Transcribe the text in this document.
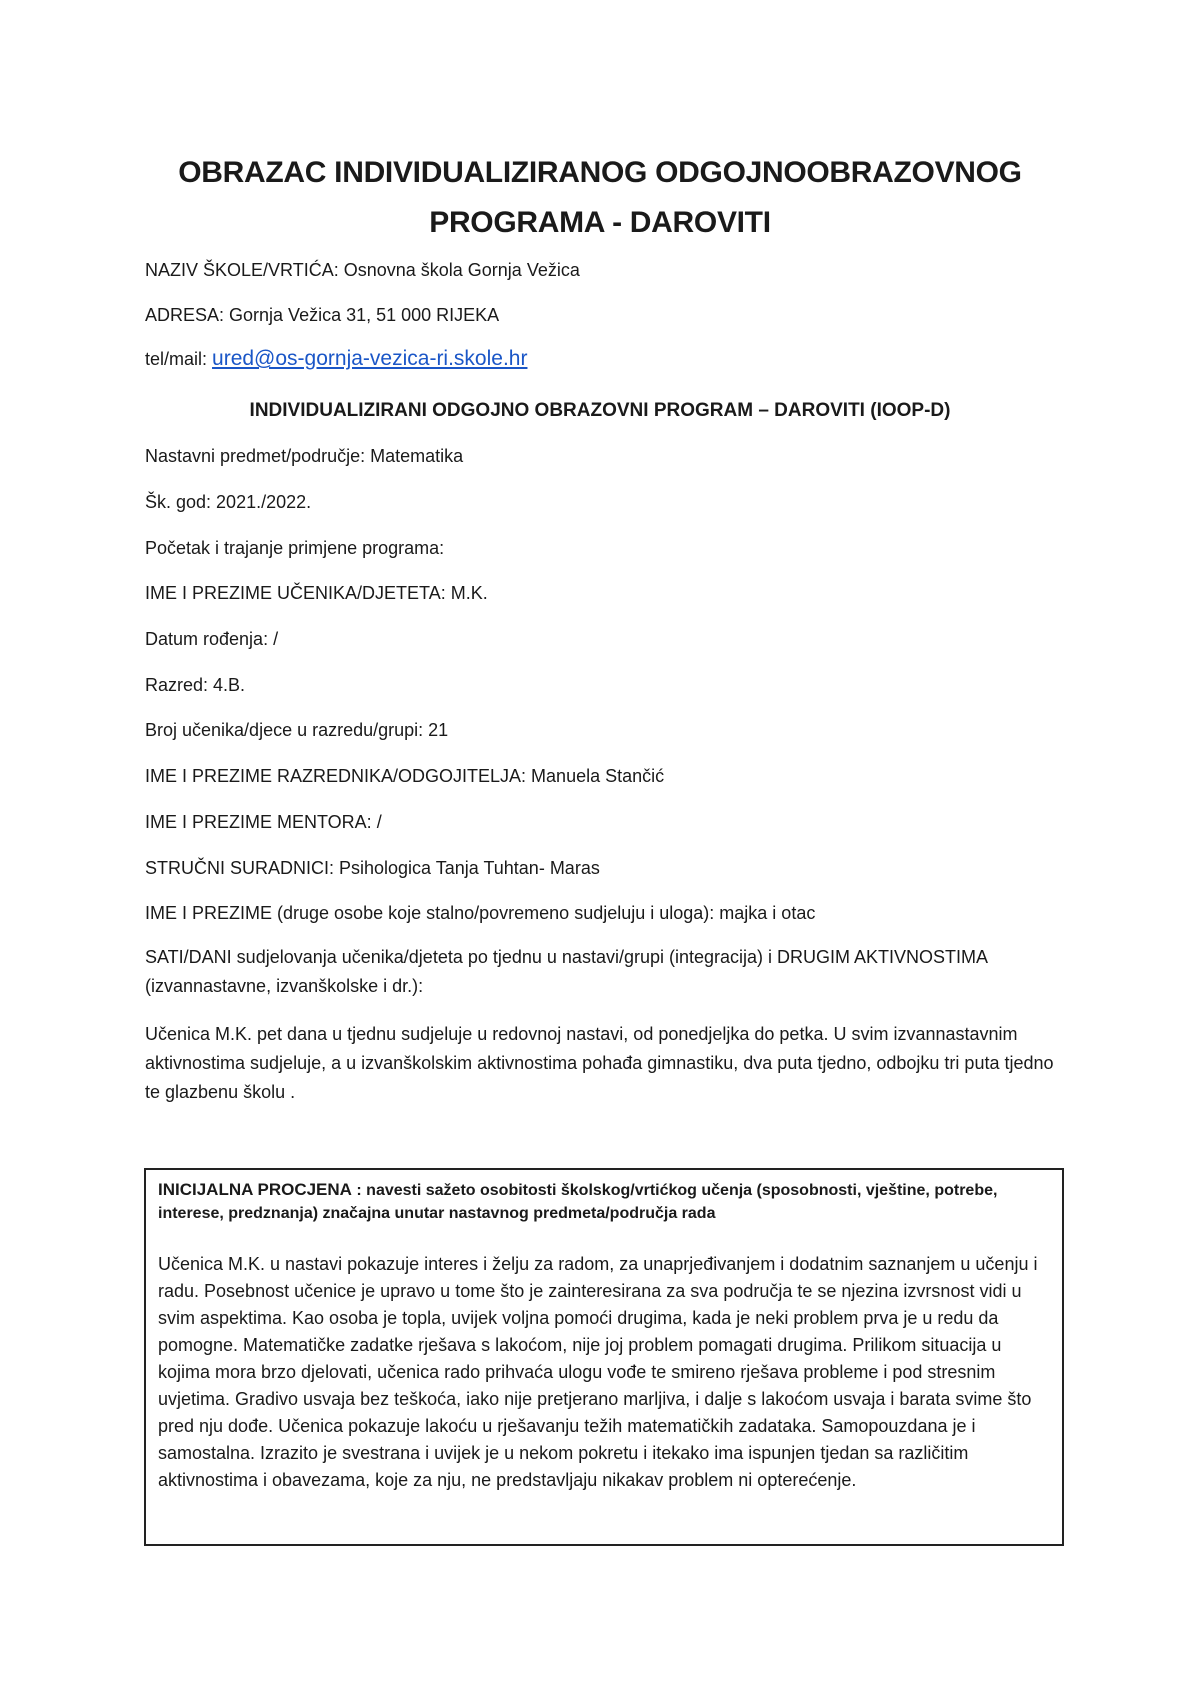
OBRAZAC INDIVIDUALIZIRANOG ODGOJNOOBRAZOVNOG
PROGRAMA - DAROVITI
NAZIV ŠKOLE/VRTIĆA: Osnovna škola Gornja Vežica
ADRESA: Gornja Vežica 31, 51 000 RIJEKA
tel/mail: ured@os-gornja-vezica-ri.skole.hr
INDIVIDUALIZIRANI ODGOJNO OBRAZOVNI PROGRAM – DAROVITI (IOOP-D)
Nastavni predmet/područje: Matematika
Šk. god: 2021./2022.
Početak i trajanje primjene programa:
IME I PREZIME UČENIKA/DJETETA: M.K.
Datum rođenja: /
Razred: 4.B.
Broj učenika/djece u razredu/grupi: 21
IME I PREZIME RAZREDNIKA/ODGOJITELJA: Manuela Stančić
IME I PREZIME MENTORA: /
STRUČNI SURADNICI: Psihologica Tanja Tuhtan- Maras
IME I PREZIME (druge osobe koje stalno/povremeno sudjeluju i uloga): majka i otac
SATI/DANI sudjelovanja učenika/djeteta po tjednu u nastavi/grupi (integracija) i DRUGIM AKTIVNOSTIMA (izvannastavne, izvanškolske i dr.):
Učenica M.K. pet dana u tjednu sudjeluje u redovnoj nastavi, od ponedjeljka do petka. U svim izvannastavnim aktivnostima sudjeluje, a u izvanškolskim aktivnostima pohađa gimnastiku, dva puta tjedno, odbojku tri puta tjedno te glazbenu školu .
INICIJALNA PROCJENA : navesti sažeto osobitosti školskog/vrtićkog učenja (sposobnosti, vještine, potrebe, interese, predznanja) značajna unutar nastavnog predmeta/područja rada
Učenica M.K. u nastavi pokazuje interes i želju za radom, za unaprjeđivanjem i dodatnim saznanjem u učenju i radu. Posebnost učenice je upravo u tome što je zainteresirana za sva područja te se njezina izvrsnost vidi u svim aspektima. Kao osoba je topla, uvijek voljna pomoći drugima, kada je neki problem prva je u redu da pomogne. Matematičke zadatke rješava s lakoćom, nije joj problem pomagati drugima. Prilikom situacija u kojima mora brzo djelovati, učenica rado prihvaća ulogu vođe te smireno rješava probleme i pod stresnim uvjetima. Gradivo usvaja bez teškoća, iako nije pretjerano marljiva, i dalje s lakoćom usvaja i barata svime što pred nju dođe. Učenica pokazuje lakoću u rješavanju težih matematičkih zadataka. Samopouzdana je i samostalna. Izrazito je svestrana i uvijek je u nekom pokretu i itekako ima ispunjen tjedan sa različitim aktivnostima i obavezama, koje za nju, ne predstavljaju nikakav problem ni opterećenje.
